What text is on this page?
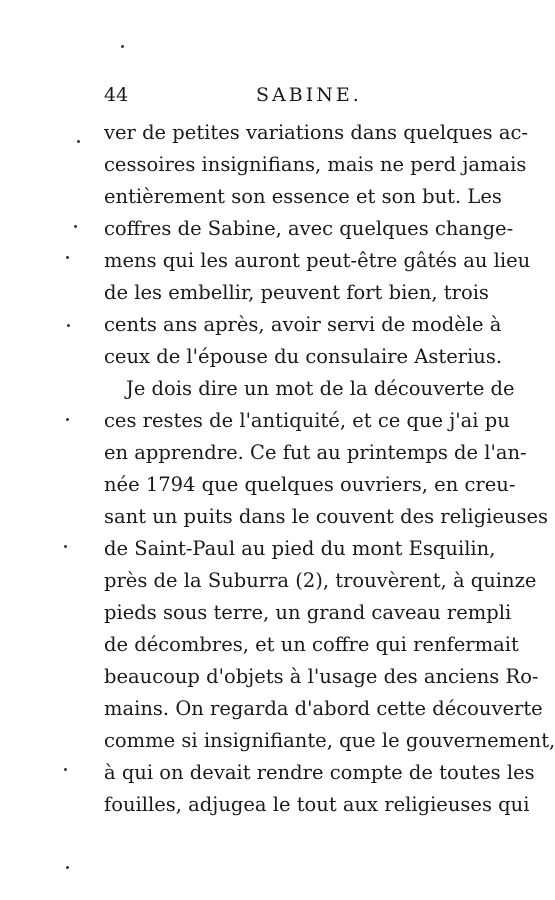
44	SABINE.
ver de petites variations dans quelques ac-
cessoires insignifians, mais ne perd jamais
entièrement son essence et son but. Les
coffres de Sabine, avec quelques change-
mens qui les auront peut-être gâtés au lieu
de les embellir, peuvent fort bien, trois
cents ans après, avoir servi de modèle à
ceux de l'épouse du consulaire Asterius.
Je dois dire un mot de la découverte de
ces restes de l'antiquité, et ce que j'ai pu
en apprendre. Ce fut au printemps de l'an-
née 1794 que quelques ouvriers, en creu-
sant un puits dans le couvent des religieuses
de Saint-Paul au pied du mont Esquilin,
près de la Suburra (2), trouvèrent, à quinze
pieds sous terre, un grand caveau rempli
de décombres, et un coffre qui renfermait
beaucoup d'objets à l'usage des anciens Ro-
mains. On regarda d'abord cette découverte
comme si insignifiante, que le gouvernement,
à qui on devait rendre compte de toutes les
fouilles, adjugea le tout aux religieuses qui
